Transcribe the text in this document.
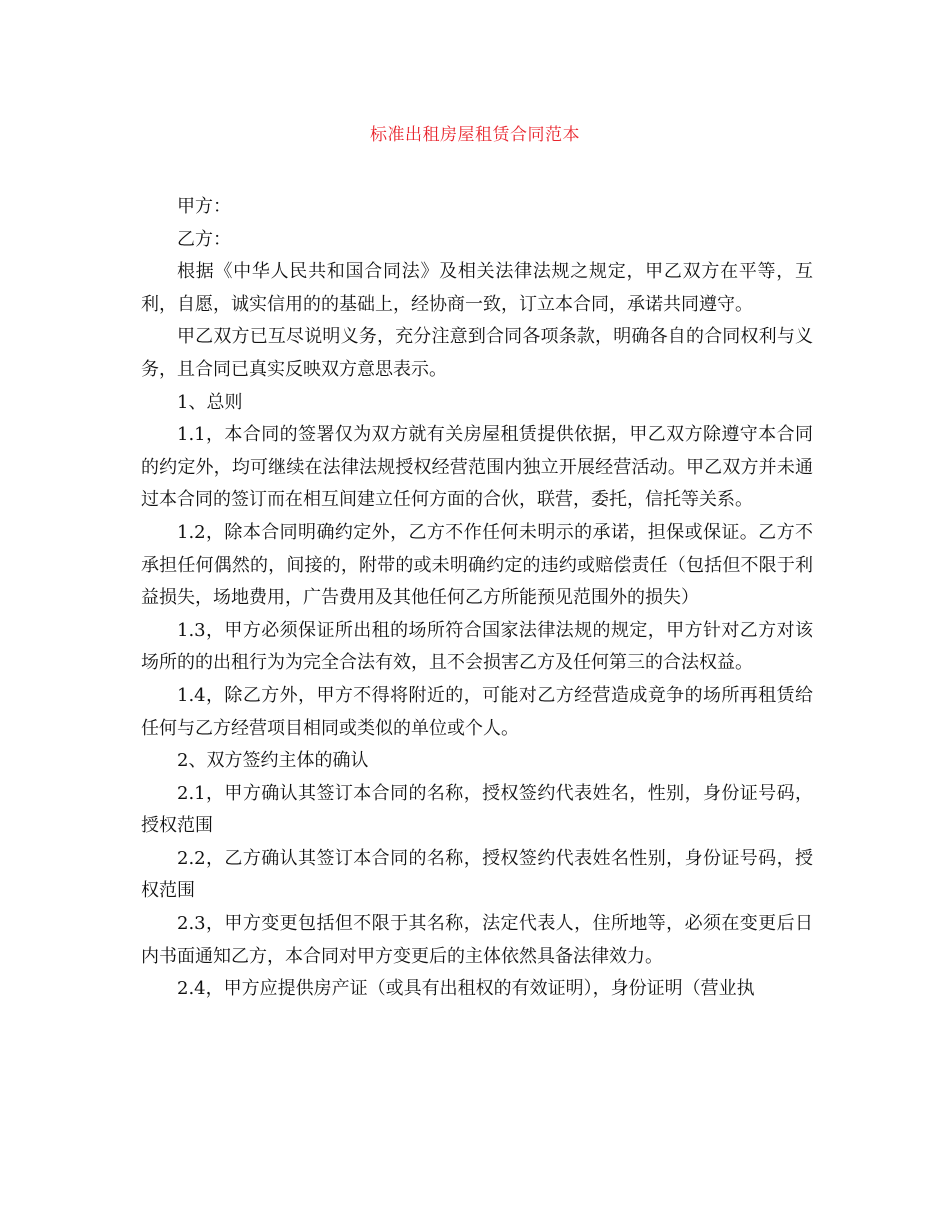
标准出租房屋租赁合同范本

甲方：

乙方：

根据《中华人民共和国合同法》及相关法律法规之规定，甲乙双方在平等，互利，自愿，诚实信用的的基础上，经协商一致，订立本合同，承诺共同遵守。

甲乙双方已互尽说明义务，充分注意到合同各项条款，明确各自的合同权利与义务，且合同已真实反映双方意思表示。

1、总则

1.1，本合同的签署仅为双方就有关房屋租赁提供依据，甲乙双方除遵守本合同的约定外，均可继续在法律法规授权经营范围内独立开展经营活动。甲乙双方并未通过本合同的签订而在相互间建立任何方面的合伙，联营，委托，信托等关系。

1.2，除本合同明确约定外，乙方不作任何未明示的承诺，担保或保证。乙方不承担任何偶然的，间接的，附带的或未明确约定的违约或赔偿责任（包括但不限于利益损失，场地费用，广告费用及其他任何乙方所能预见范围外的损失）

1.3，甲方必须保证所出租的场所符合国家法律法规的规定，甲方针对乙方对该场所的的出租行为为完全合法有效，且不会损害乙方及任何第三的合法权益。

1.4，除乙方外，甲方不得将附近的，可能对乙方经营造成竟争的场所再租赁给任何与乙方经营项目相同或类似的单位或个人。

2、双方签约主体的确认

2.1，甲方确认其签订本合同的名称，授权签约代表姓名，性别，身份证号码，授权范围

2.2，乙方确认其签订本合同的名称，授权签约代表姓名性别，身份证号码，授权范围

2.3，甲方变更包括但不限于其名称，法定代表人，住所地等，必须在变更后日内书面通知乙方，本合同对甲方变更后的主体依然具备法律效力。

2.4，甲方应提供房产证（或具有出租权的有效证明），身份证明（营业执
